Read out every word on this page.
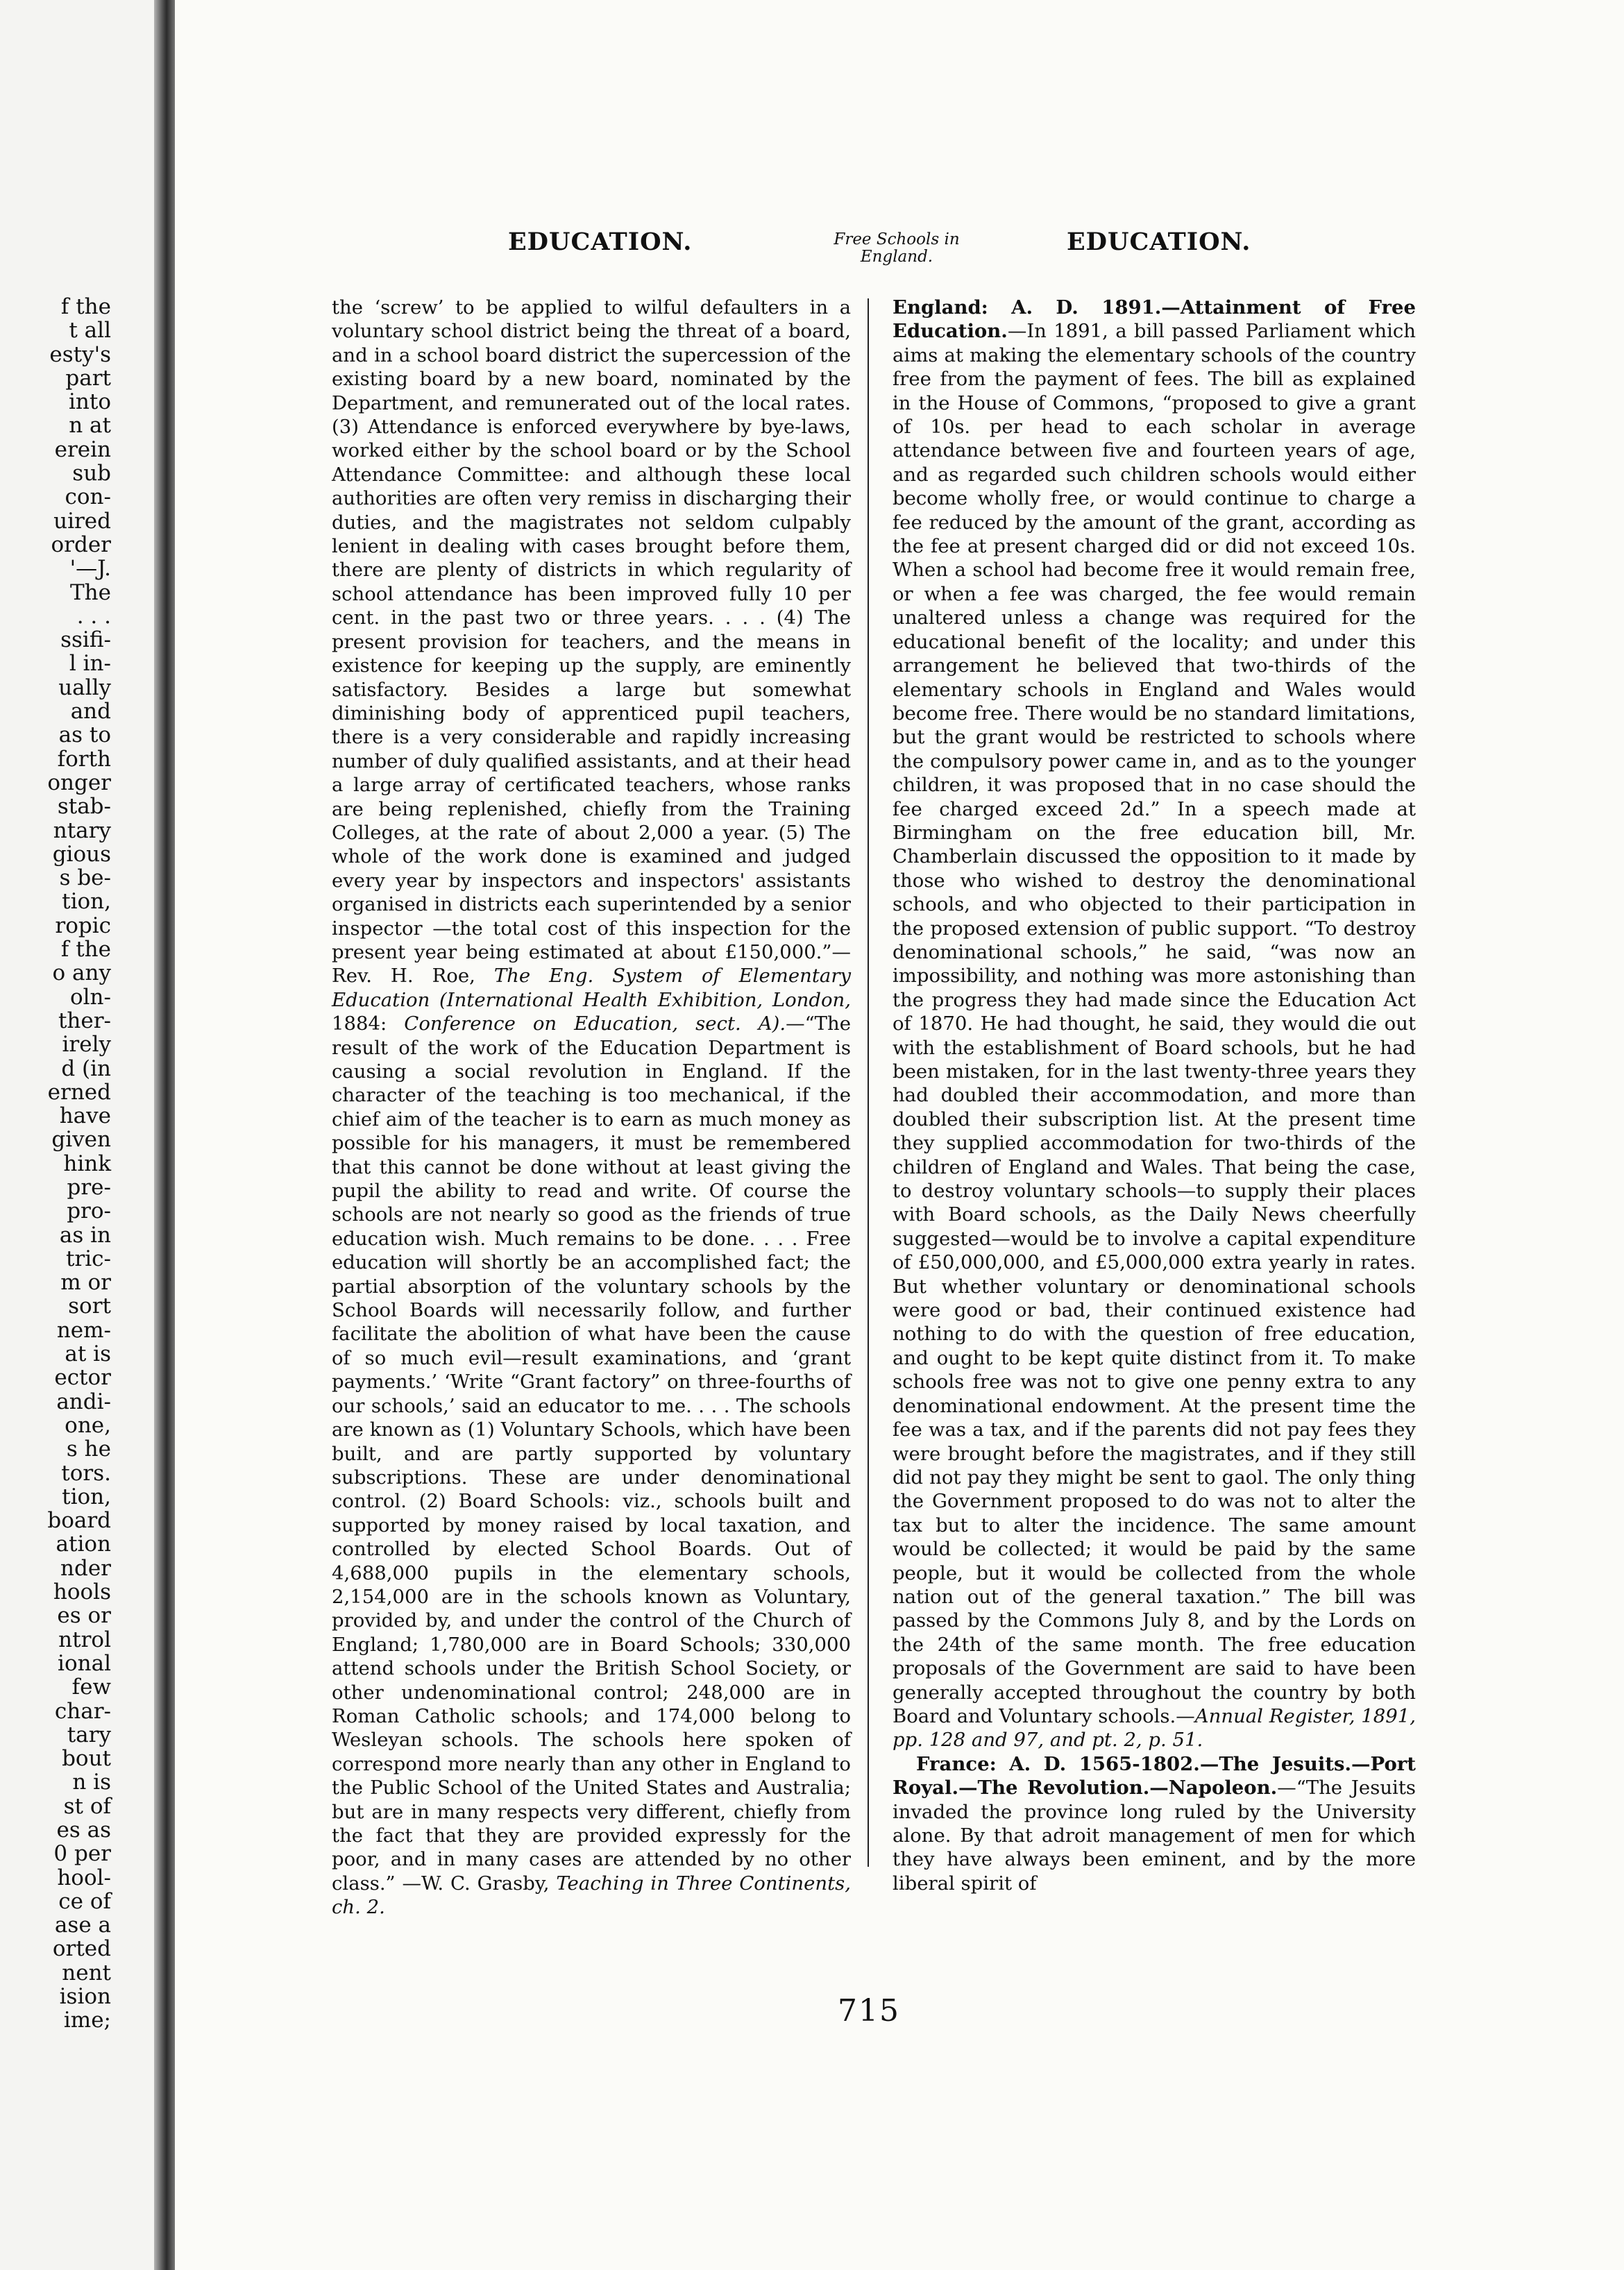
f the
t all
esty's
part
into
n at
erein
sub
con-
uired
order
'—J.
The
. . .
ssifi-
l in-
ually
and
as to
forth
onger
stab-
ntary
gious
s be-
tion,
ropic
f the
o any
oln-
ther-
irely
d (in
erned
have
given
hink
pre-
pro-
as in
tric-
m or
sort
nem-
at is
ector
andi-
one,
s he
tors.
tion,
board
ation
nder
hools
es or
ntrol
ional
few
char-
tary
bout
n is
st of
es as
0 per
hool-
ce of
ase a
orted
nent
ision
ime;
EDUCATION.	Free Schools in
England.
EDUCATION.

the ‘screw’ to be applied to wilful defaulters in a voluntary school district being the threat of a board, and in a school board district the supercession of the existing board by a new board, nominated by the Department, and remunerated out of the local rates. (3) Attendance is enforced everywhere by bye-laws, worked either by the school board or by the School Attendance Committee: and although these local authorities are often very remiss in discharging their duties, and the magistrates not seldom culpably lenient in dealing with cases brought before them, there are plenty of districts in which regularity of school attendance has been improved fully 10 per cent. in the past two or three years. . . . (4) The present provision for teachers, and the means in existence for keeping up the supply, are eminently satisfactory. Besides a large but somewhat diminishing body of apprenticed pupil teachers, there is a very considerable and rapidly increasing number of duly qualified assistants, and at their head a large array of certificated teachers, whose ranks are being replenished, chiefly from the Training Colleges, at the rate of about 2,000 a year. (5) The whole of the work done is examined and judged every year by inspectors and inspectors' assistants organised in districts each superintended by a senior inspector —the total cost of this inspection for the present year being estimated at about £150,000.”—Rev. H. Roe, The Eng. System of Elementary Education (International Health Exhibition, London, 1884: Conference on Education, sect. A).—“The result of the work of the Education Department is causing a social revolution in England. If the character of the teaching is too mechanical, if the chief aim of the teacher is to earn as much money as possible for his managers, it must be remembered that this cannot be done without at least giving the pupil the ability to read and write. Of course the schools are not nearly so good as the friends of true education wish. Much remains to be done. . . . Free education will shortly be an accomplished fact; the partial absorption of the voluntary schools by the School Boards will necessarily follow, and further facilitate the abolition of what have been the cause of so much evil—result examinations, and ‘grant payments.’ ‘Write “Grant factory” on three-fourths of our schools,’ said an educator to me. . . . The schools are known as (1) Voluntary Schools, which have been built, and are partly supported by voluntary subscriptions. These are under denominational control. (2) Board Schools: viz., schools built and supported by money raised by local taxation, and controlled by elected School Boards. Out of 4,688,000 pupils in the elementary schools, 2,154,000 are in the schools known as Voluntary, provided by, and under the control of the Church of England; 1,780,000 are in Board Schools; 330,000 attend schools under the British School Society, or other undenominational control; 248,000 are in Roman Catholic schools; and 174,000 belong to Wesleyan schools. The schools here spoken of correspond more nearly than any other in England to the Public School of the United States and Australia; but are in many respects very different, chiefly from the fact that they are provided expressly for the poor, and in many cases are attended by no other class.” —W. C. Grasby, Teaching in Three Continents, ch. 2.

England: A. D. 1891.—Attainment of Free Education.—In 1891, a bill passed Parliament which aims at making the elementary schools of the country free from the payment of fees. The bill as explained in the House of Commons, “proposed to give a grant of 10s. per head to each scholar in average attendance between five and fourteen years of age, and as regarded such children schools would either become wholly free, or would continue to charge a fee reduced by the amount of the grant, according as the fee at present charged did or did not exceed 10s. When a school had become free it would remain free, or when a fee was charged, the fee would remain unaltered unless a change was required for the educational benefit of the locality; and under this arrangement he believed that two-thirds of the elementary schools in England and Wales would become free. There would be no standard limitations, but the grant would be restricted to schools where the compulsory power came in, and as to the younger children, it was proposed that in no case should the fee charged exceed 2d.” In a speech made at Birmingham on the free education bill, Mr. Chamberlain discussed the opposition to it made by those who wished to destroy the denominational schools, and who objected to their participation in the proposed extension of public support. “To destroy denominational schools,” he said, “was now an impossibility, and nothing was more astonishing than the progress they had made since the Education Act of 1870. He had thought, he said, they would die out with the establishment of Board schools, but he had been mistaken, for in the last twenty-three years they had doubled their accommodation, and more than doubled their subscription list. At the present time they supplied accommodation for two-thirds of the children of England and Wales. That being the case, to destroy voluntary schools—to supply their places with Board schools, as the Daily News cheerfully suggested—would be to involve a capital expenditure of £50,000,000, and £5,000,000 extra yearly in rates. But whether voluntary or denominational schools were good or bad, their continued existence had nothing to do with the question of free education, and ought to be kept quite distinct from it. To make schools free was not to give one penny extra to any denominational endowment. At the present time the fee was a tax, and if the parents did not pay fees they were brought before the magistrates, and if they still did not pay they might be sent to gaol. The only thing the Government proposed to do was not to alter the tax but to alter the incidence. The same amount would be collected; it would be paid by the same people, but it would be collected from the whole nation out of the general taxation.” The bill was passed by the Commons July 8, and by the Lords on the 24th of the same month. The free education proposals of the Government are said to have been generally accepted throughout the country by both Board and Voluntary schools.—Annual Register, 1891, pp. 128 and 97, and pt. 2, p. 51.

France: A. D. 1565-1802.—The Jesuits.—Port Royal.—The Revolution.—Napoleon.—“The Jesuits invaded the province long ruled by the University alone. By that adroit management of men for which they have always been eminent, and by the more liberal spirit of

715
